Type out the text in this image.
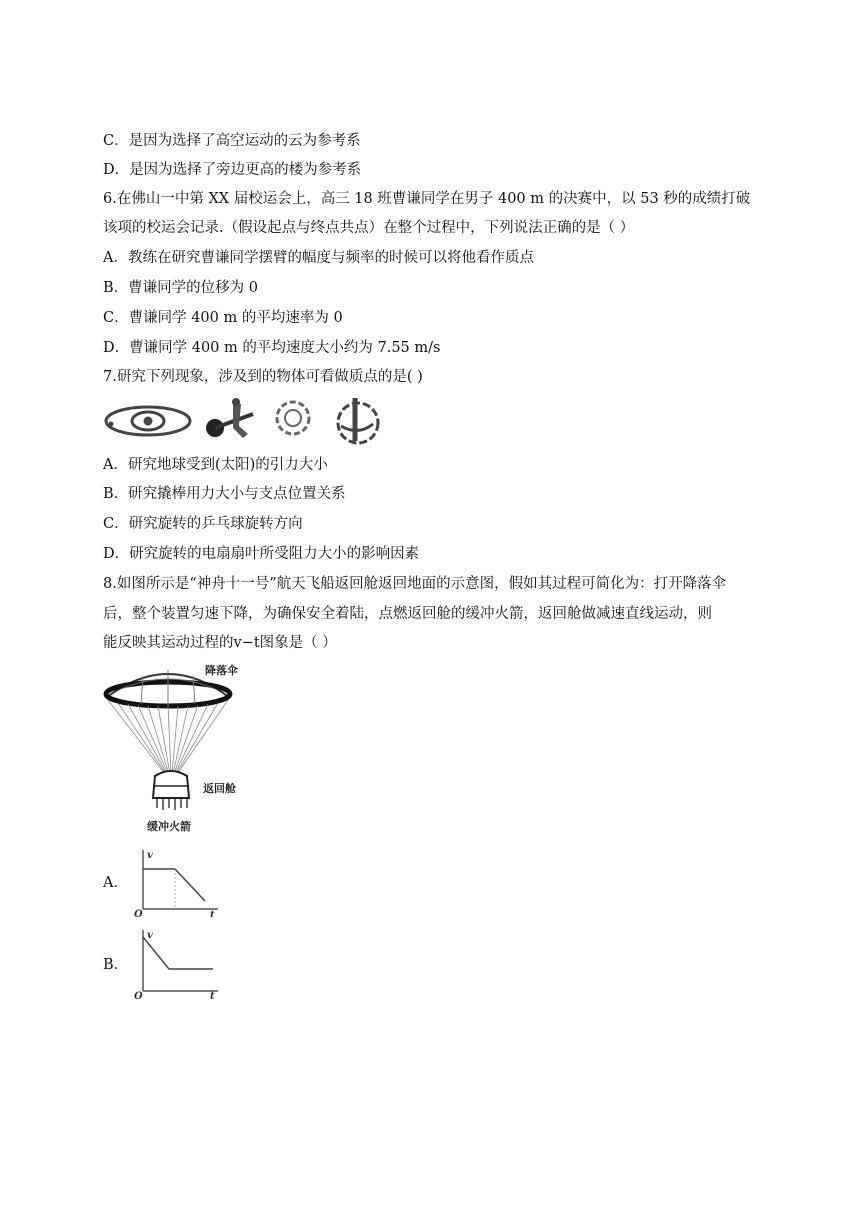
C．是因为选择了高空运动的云为参考系
D．是因为选择了旁边更高的楼为参考系
6.在佛山一中第 XX 届校运会上，高三 18 班曹谦同学在男子 400 m 的决赛中，以 53 秒的成绩打破
该项的校运会记录.（假设起点与终点共点）在整个过程中，下列说法正确的是（ ）
A．教练在研究曹谦同学摆臂的幅度与频率的时候可以将他看作质点
B．曹谦同学的位移为 0
C．曹谦同学 400 m 的平均速率为 0
D．曹谦同学 400 m 的平均速度大小约为 7.55 m/s
7.研究下列现象，涉及到的物体可看做质点的是( )
A．研究地球受到(太阳)的引力大小
B．研究撬棒用力大小与支点位置关系
C．研究旋转的乒乓球旋转方向
D．研究旋转的电扇扇叶所受阻力大小的影响因素
8.如图所示是“神舟十一号”航天飞船返回舱返回地面的示意图，假如其过程可简化为：打开降落伞
后，整个装置匀速下降，为确保安全着陆，点燃返回舱的缓冲火箭，返回舱做减速直线运动，则
能反映其运动过程的v−t图象是（ ）
降落伞
返回舱
缓冲火箭
A．
v
t
O
B．
v
t
O
